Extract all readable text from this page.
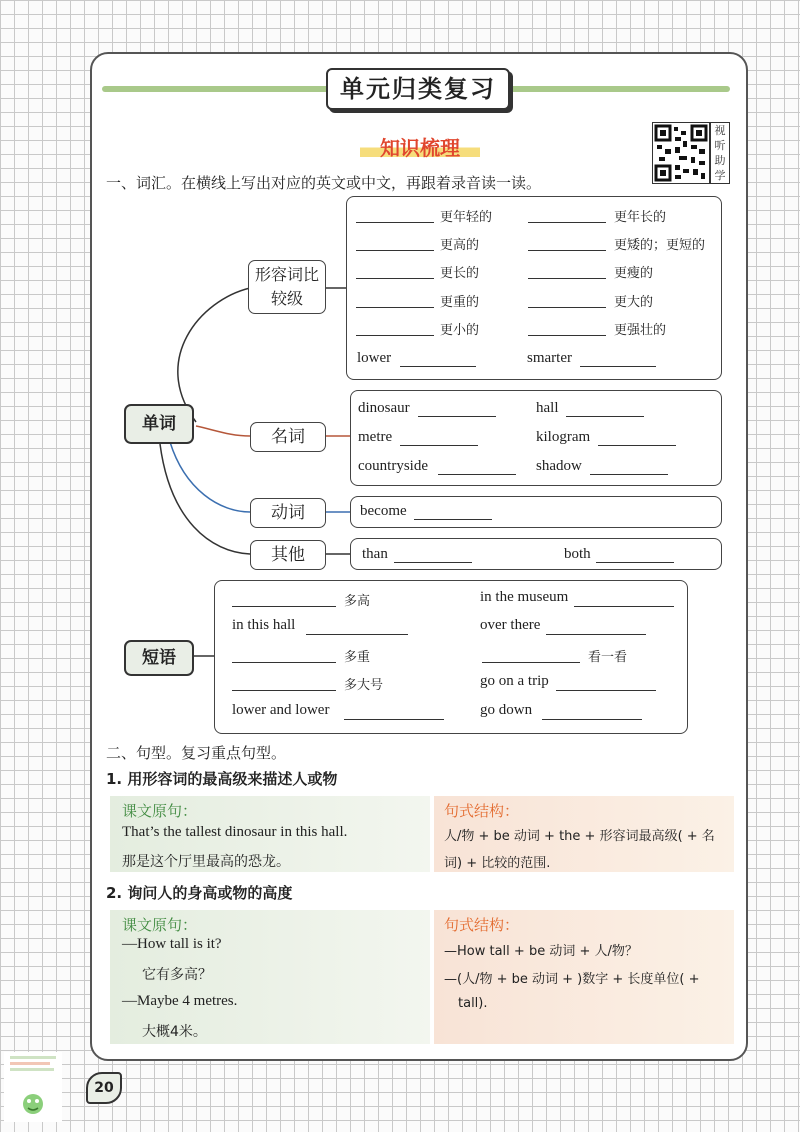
单元归类复习
知识梳理
视听助学
一、词汇。在横线上写出对应的英文或中文，再跟着录音读一读。
单词
形容词比较级
更年轻的	更年长的
更高的	更矮的；更短的
更长的	更瘦的
更重的	更大的
更小的	更强壮的
lower	smarter
名词
dinosaur	hall
metre	kilogram
countryside	shadow
动词	become
其他	than	both
短语
多高	in the museum
in this hall	over there
多重	看一看
多大号	go on a trip
lower and lower	go down
二、句型。复习重点句型。
1. 用形容词的最高级来描述人或物
课文原句：
That’s the tallest dinosaur in this hall.
那是这个厅里最高的恐龙。
句式结构：
人/物 + be 动词 + the + 形容词最高级( + 名
词) + 比较的范围.
2. 询问人的身高或物的高度
课文原句：
—How tall is it?
它有多高？
—Maybe 4 metres.
大概4米。
句式结构：
—How tall + be 动词 + 人/物？
—(人/物 + be 动词 + )数字 + 长度单位( +
tall).
20
